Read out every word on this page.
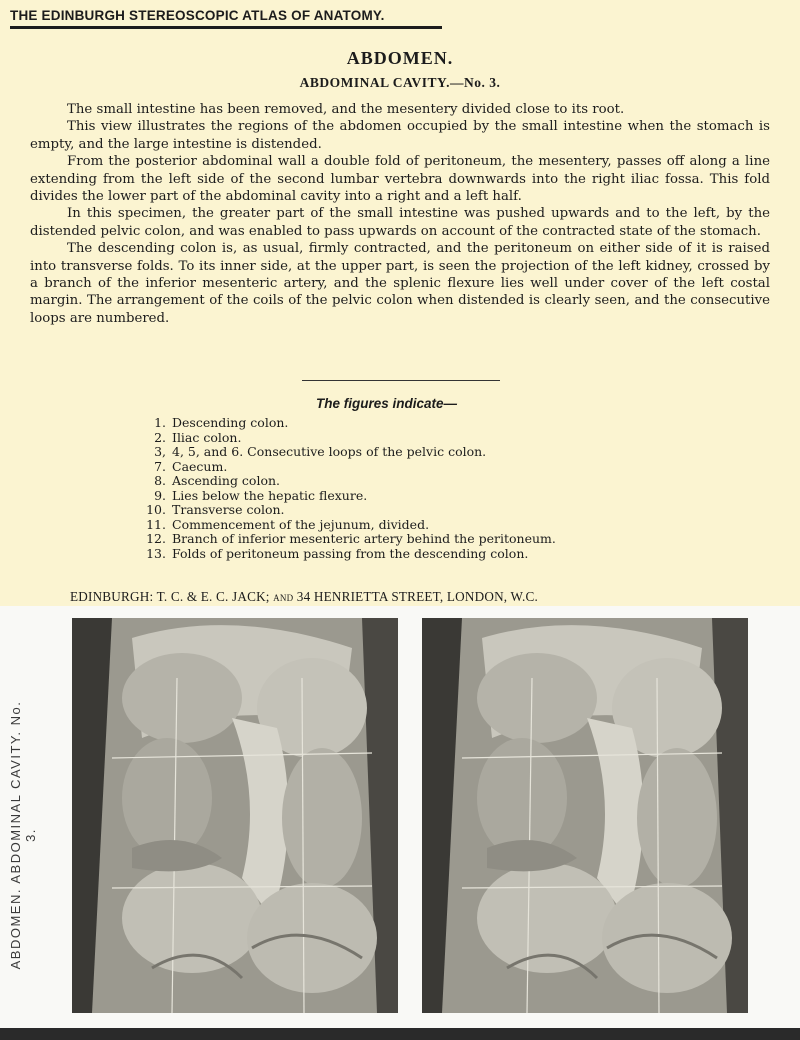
THE EDINBURGH STEREOSCOPIC ATLAS OF ANATOMY.
ABDOMEN.
ABDOMINAL CAVITY.—No. 3.

The small intestine has been removed, and the mesentery divided close to its root.

This view illustrates the regions of the abdomen occupied by the small intestine when the stomach is empty, and the large intestine is distended.

From the posterior abdominal wall a double fold of peritoneum, the mesentery, passes off along a line extending from the left side of the second lumbar vertebra downwards into the right iliac fossa. This fold divides the lower part of the abdominal cavity into a right and a left half.

In this specimen, the greater part of the small intestine was pushed upwards and to the left, by the distended pelvic colon, and was enabled to pass upwards on account of the contracted state of the stomach.

The descending colon is, as usual, firmly contracted, and the peritoneum on either side of it is raised into transverse folds. To its inner side, at the upper part, is seen the projection of the left kidney, crossed by a branch of the inferior mesenteric artery, and the splenic flexure lies well under cover of the left costal margin. The arrangement of the coils of the pelvic colon when distended is clearly seen, and the consecutive loops are numbered.

The figures indicate—
1. Descending colon.
2. Iliac colon.
3, 4, 5, and 6. Consecutive loops of the pelvic colon.
7. Caecum.
8. Ascending colon.
9. Lies below the hepatic flexure.
10. Transverse colon.
11. Commencement of the jejunum, divided.
12. Branch of inferior mesenteric artery behind the peritoneum.
13. Folds of peritoneum passing from the descending colon.
EDINBURGH: T. C. & E. C. JACK; AND 34 HENRIETTA STREET, LONDON, W.C.
ABDOMEN. ABDOMINAL CAVITY. No. 3.
